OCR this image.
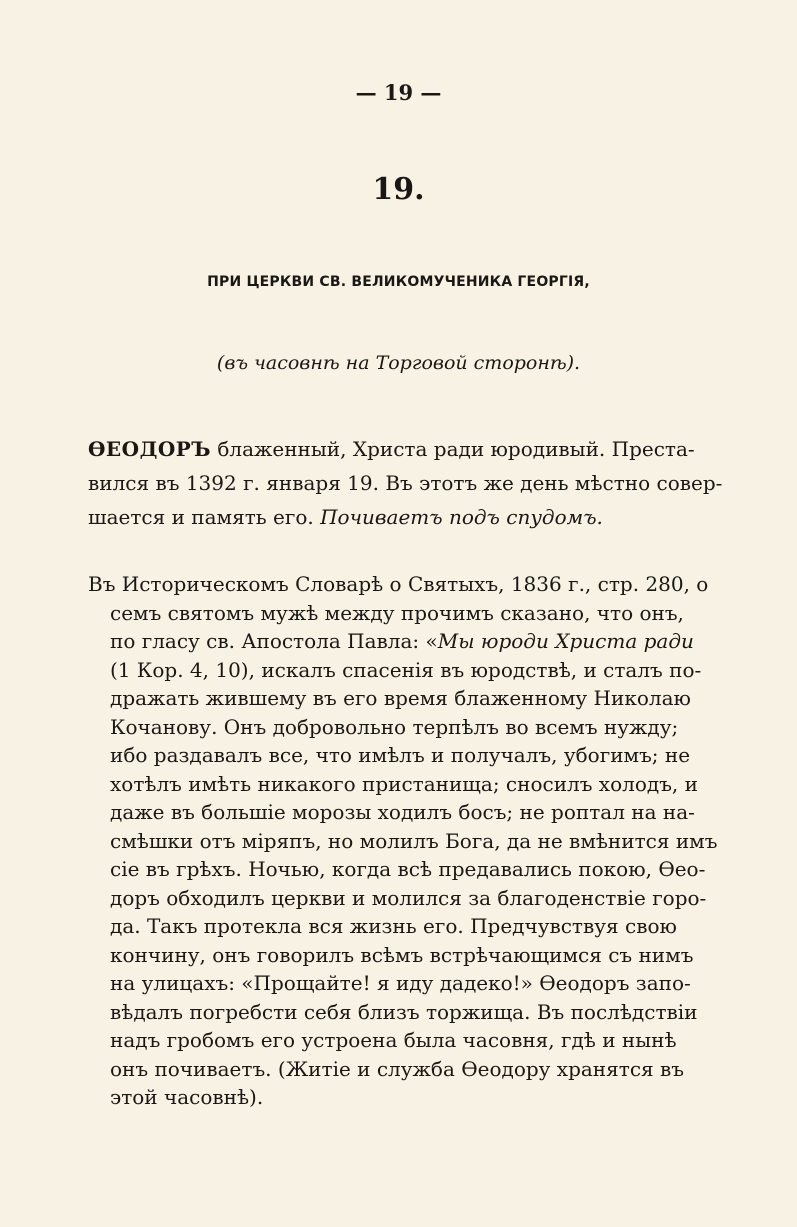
— 19 —
19.
ПРИ ЦЕРКВИ СВ. ВЕЛИКОМУЧЕНИКА ГЕОРГІЯ,
(въ часовнѣ на Торговой сторонѣ).
ѲЕОДОРЪ блаженный, Христа ради юродивый. Преста-
вился въ 1392 г. января 19. Въ этотъ же день мѣстно совер-
шается и память его. Почиваетъ подъ спудомъ.
Въ Историческомъ Словарѣ о Святыхъ, 1836 г., стр. 280, о
семъ святомъ мужѣ между прочимъ сказано, что онъ,
по гласу св. Апостола Павла: «Мы юроди Христа ради
(1 Кор. 4, 10), искалъ спасенія въ юродствѣ, и сталъ по-
дражать жившему въ его время блаженному Николаю
Кочанову. Онъ добровольно терпѣлъ во всемъ нужду;
ибо раздавалъ все, что имѣлъ и получалъ, убогимъ; не
хотѣлъ имѣть никакого пристанища; сносилъ холодъ, и
даже въ большіе морозы ходилъ босъ; не роптал на на-
смѣшки отъ міряпъ, но молилъ Бога, да не вмѣнится имъ
сіе въ грѣхъ. Ночью, когда всѣ предавались покою, Ѳео-
доръ обходилъ церкви и молился за благоденствіе горо-
да. Такъ протекла вся жизнь его. Предчувствуя свою
кончину, онъ говорилъ всѣмъ встрѣчающимся съ нимъ
на улицахъ: «Прощайте! я иду дадеко!» Ѳеодоръ запо-
вѣдалъ погребсти себя близъ торжища. Въ послѣдствіи
надъ гробомъ его устроена была часовня, гдѣ и нынѣ
онъ почиваетъ. (Житіе и служба Ѳеодору хранятся въ
этой часовнѣ).
